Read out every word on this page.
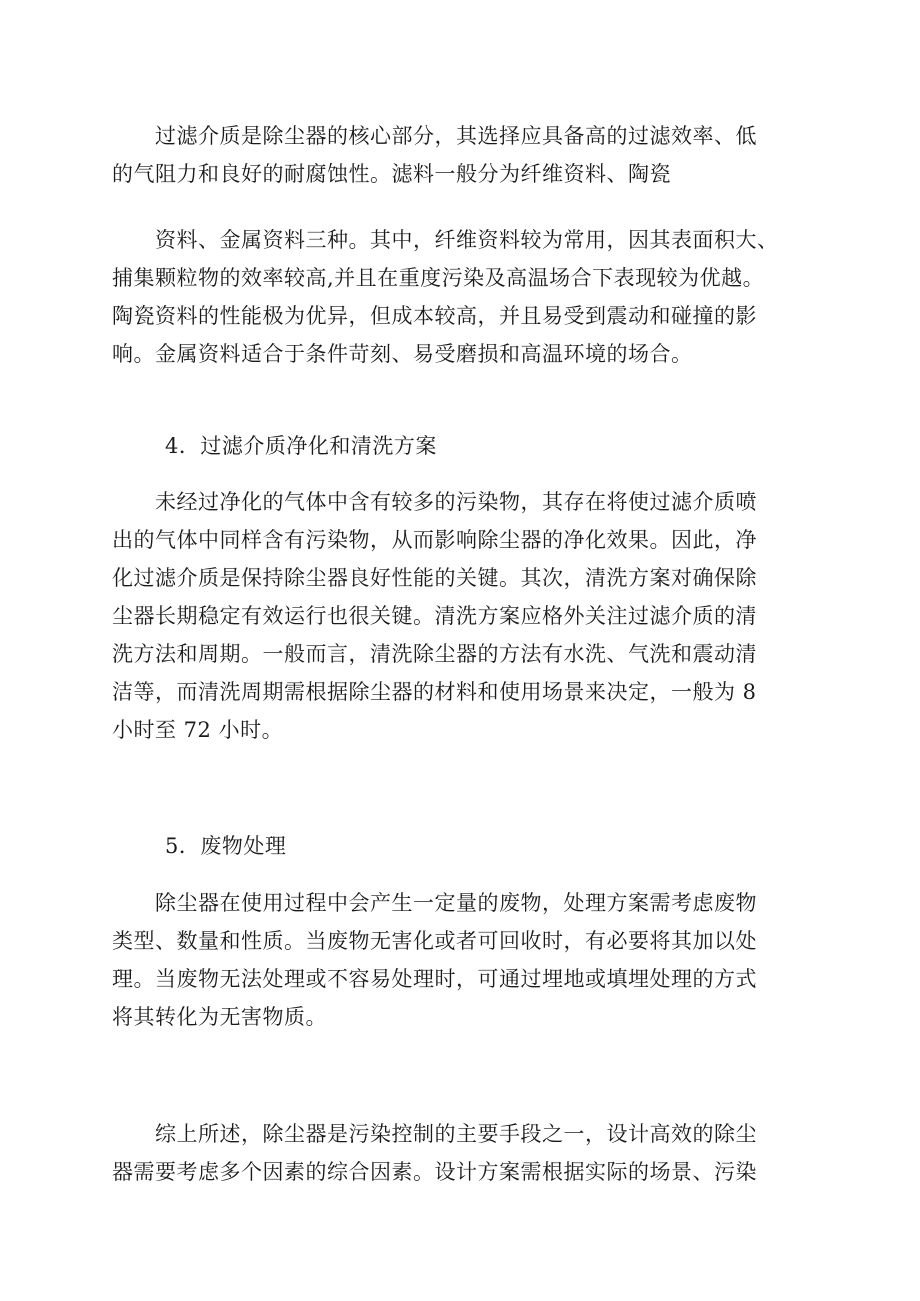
　　过滤介质是除尘器的核心部分，其选择应具备高的过滤效率、低
的气阻力和良好的耐腐蚀性。滤料一般分为纤维资料、陶瓷
　　资料、金属资料三种。其中，纤维资料较为常用，因其表面积大、
捕集颗粒物的效率较高,并且在重度污染及高温场合下表现较为优越。
陶瓷资料的性能极为优异，但成本较高，并且易受到震动和碰撞的影
响。金属资料适合于条件苛刻、易受磨损和高温环境的场合。
4．过滤介质净化和清洗方案
　　未经过净化的气体中含有较多的污染物，其存在将使过滤介质喷
出的气体中同样含有污染物，从而影响除尘器的净化效果。因此，净
化过滤介质是保持除尘器良好性能的关键。其次，清洗方案对确保除
尘器长期稳定有效运行也很关键。清洗方案应格外关注过滤介质的清
洗方法和周期。一般而言，清洗除尘器的方法有水洗、气洗和震动清
洁等，而清洗周期需根据除尘器的材料和使用场景来决定，一般为 8
小时至 72 小时。
5．废物处理
　　除尘器在使用过程中会产生一定量的废物，处理方案需考虑废物
类型、数量和性质。当废物无害化或者可回收时，有必要将其加以处
理。当废物无法处理或不容易处理时，可通过埋地或填埋处理的方式
将其转化为无害物质。
　　综上所述，除尘器是污染控制的主要手段之一，设计高效的除尘
器需要考虑多个因素的综合因素。设计方案需根据实际的场景、污染
